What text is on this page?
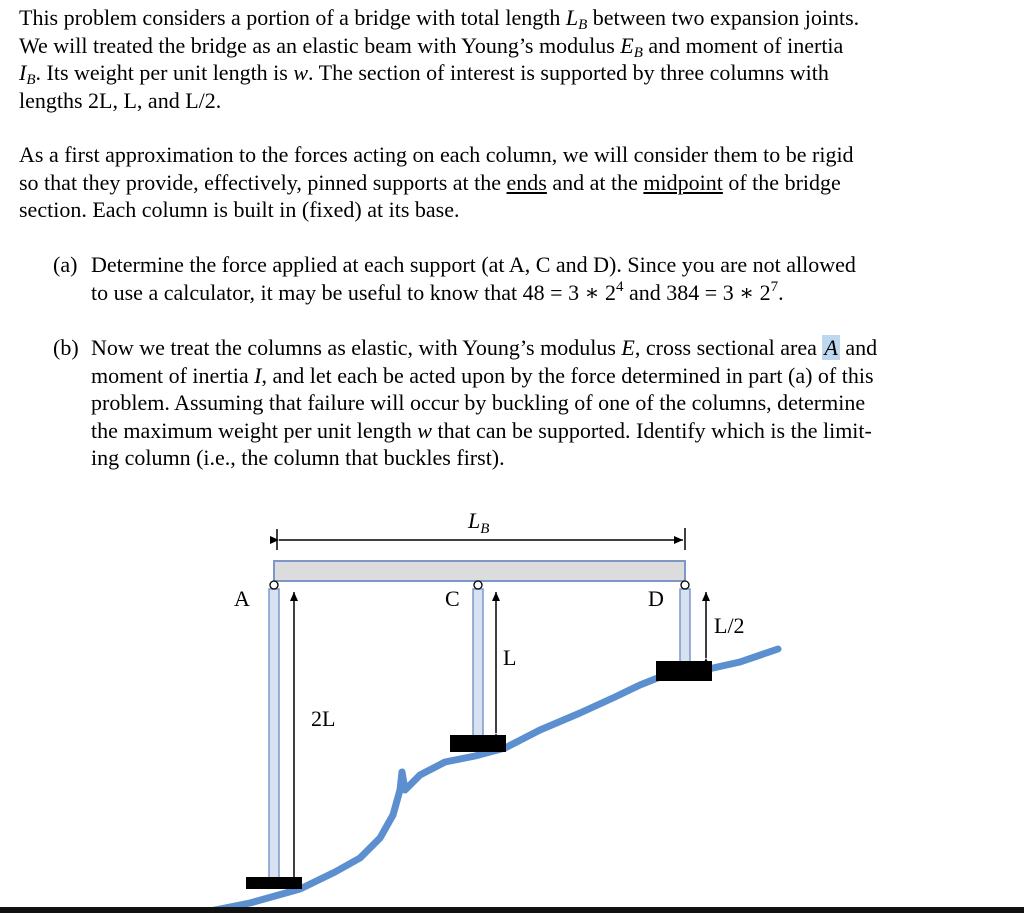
This problem considers a portion of a bridge with total length $L_B$ between two expansion joints.
We will treated the bridge as an elastic beam with Young’s modulus $E_B$ and moment of inertia
$I_B$. Its weight per unit length is w. The section of interest is supported by three columns with
lengths 2L, L, and L/2.
As a first approximation to the forces acting on each column, we will consider them to be rigid
so that they provide, effectively, pinned supports at the ends and at the midpoint of the bridge
section. Each column is built in (fixed) at its base.
(a) Determine the force applied at each support (at A, C and D). Since you are not allowed
to use a calculator, it may be useful to know that 48 = 3 ∗ $2^4$ and 384 = 3 ∗ $2^7$.
(b) Now we treat the columns as elastic, with Young’s modulus E, cross sectional area A and
moment of inertia I, and let each be acted upon by the force determined in part (a) of this
problem. Assuming that failure will occur by buckling of one of the columns, determine
the maximum weight per unit length w that can be supported. Identify which is the limit-
ing column (i.e., the column that buckles first).
$L_B$
A
2L
C
L
D
L/2
